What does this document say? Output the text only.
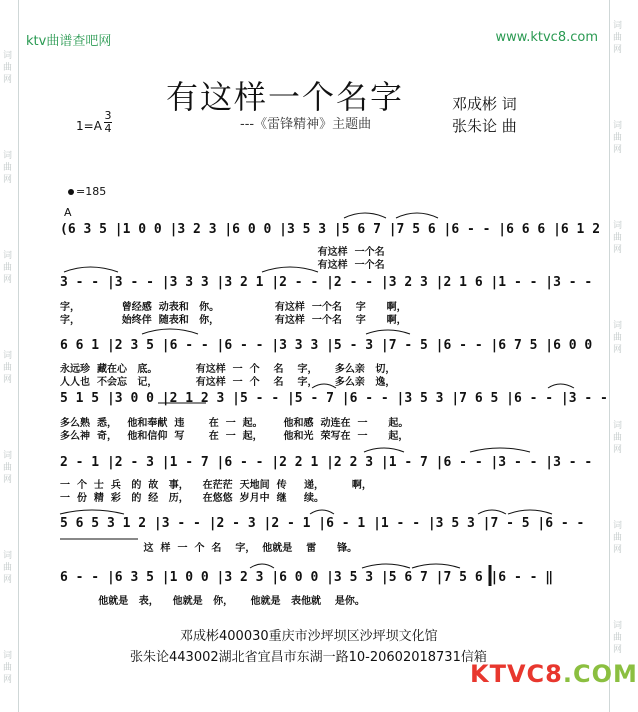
词曲网
词曲网
词曲网
词曲网
词曲网
词曲网
词曲网
词曲网
词曲网
词曲网
词曲网
词曲网
词曲网
词曲网
ktv曲谱查吧网	www.ktvc8.com
有这样一个名字
---《雷锋精神》主题曲
邓成彬 词
张朱论 曲
1=A
3
4
=185
A
(6 3 5 |1 0 0 |3 2 3 |6 0 0 |3 5 3 |5 6 7 |7 5 6 |6 - - |6 6 6 |6 1 2
有这样  一个名
有这样  一个名
3 - - |3 - - |3 3 3 |3 2 1 |2 - - |2 - - |3 2 3 |2 1 6 |1 - - |3 - -
字，            曾经感  动表和   你。                有这样  一个名    字      啊，
字，            始终伴  随表和   你，                有这样  一个名    字      啊，
6 6 1 |2 3 5 |6 - - |6 - - |3 3 3 |5 - 3 |7 - 5 |6 - - |6 7 5 |6 0 0
永远珍  藏在心   底。           有这样  一  个    名    字，     多么亲   切，
人人也  不会忘   记，           有这样  一  个    名    字，     多么亲   逸，
5 1 5 |3 0 0 |2 1 2 3 |5 - - |5 - 7 |6 - - |3 5 3 |7 6 5 |6 - - |3 - -
多么熟  悉，   他和奉献  违       在  一  起。      他和感  动连在  一      起。
多么神  奇，   他和信仰  写       在  一  起，      他和光  荣写在  一      起，
2 - 1 |2 - 3 |1 - 7 |6 - - |2 2 1 |2 2 3 |1 - 7 |6 - - |3 - - |3 - -
一  个  士  兵   的  故   事，    在茫茫  天地间  传     递，        啊，
一  份  精  彩   的  经   历，    在悠悠  岁月中  继     续。
5 6 5 3 1 2 |3 - - |2 - 3 |2 - 1 |6 - 1 |1 - - |3 5 3 |7 - 5 |6 - -
这  样  一  个  名    字，  他就是    雷      锋。
6 - - |6 3 5 |1 0 0 |3 2 3 |6 0 0 |3 5 3 |5 6 7 |7 5 6 |6 - - ‖
他就是   表，    他就是   你，     他就是   表他就    是你。
邓成彬400030重庆市沙坪坝区沙坪坝文化馆
张朱论443002湖北省宜昌市东湖一路10-20602018731信箱
KTVC8.COM
